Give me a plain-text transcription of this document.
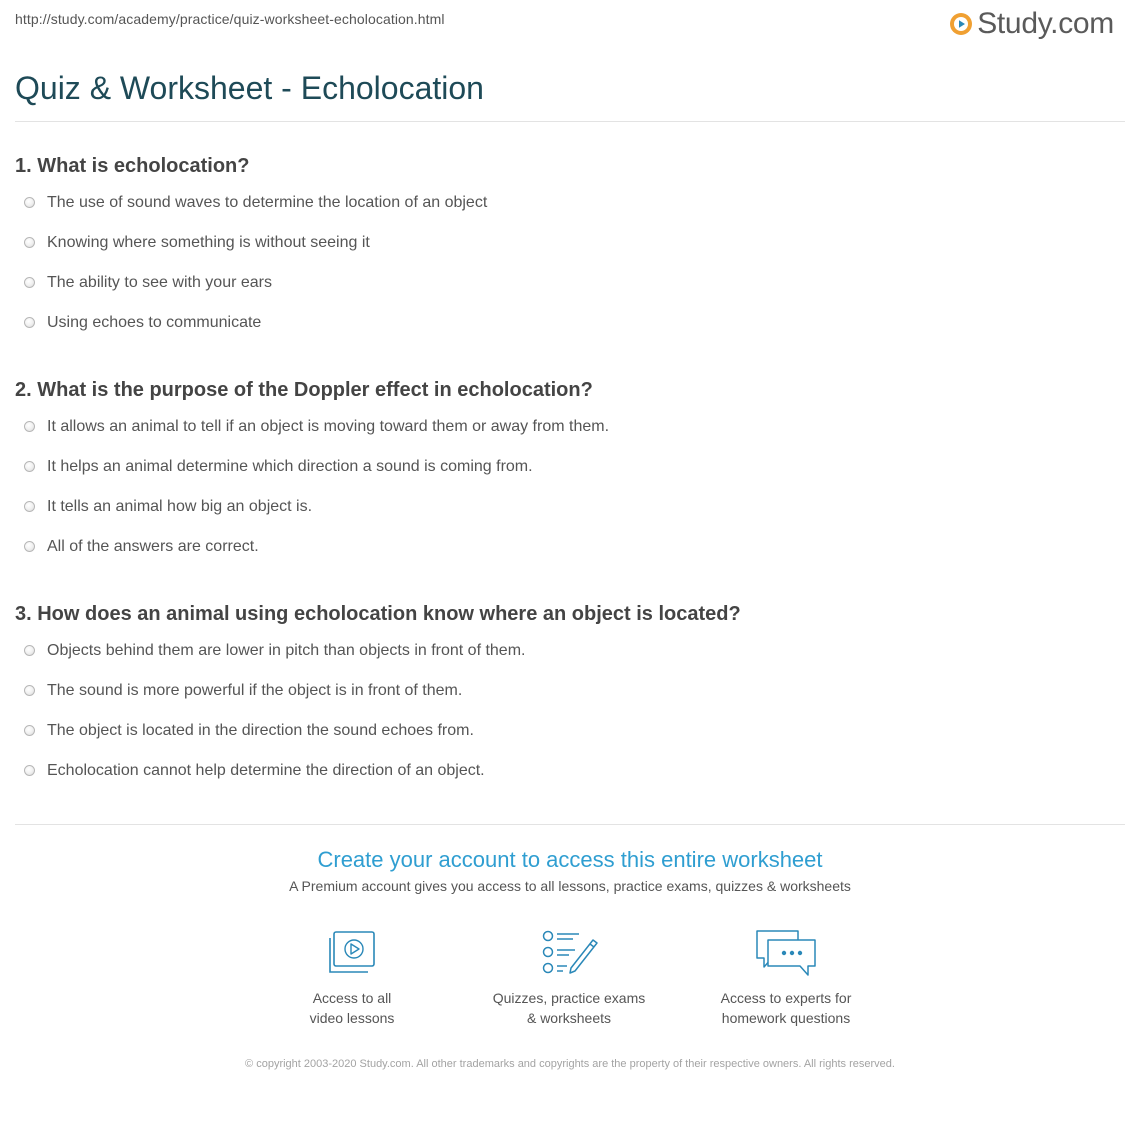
http://study.com/academy/practice/quiz-worksheet-echolocation.html	Study.com
Quiz & Worksheet - Echolocation
1. What is echolocation?
The use of sound waves to determine the location of an object
Knowing where something is without seeing it
The ability to see with your ears
Using echoes to communicate
2. What is the purpose of the Doppler effect in echolocation?
It allows an animal to tell if an object is moving toward them or away from them.
It helps an animal determine which direction a sound is coming from.
It tells an animal how big an object is.
All of the answers are correct.
3. How does an animal using echolocation know where an object is located?
Objects behind them are lower in pitch than objects in front of them.
The sound is more powerful if the object is in front of them.
The object is located in the direction the sound echoes from.
Echolocation cannot help determine the direction of an object.
Create your account to access this entire worksheet

A Premium account gives you access to all lessons, practice exams, quizzes & worksheets

Access to all
video lessons
Quizzes, practice exams
& worksheets
Access to experts for
homework questions
© copyright 2003-2020 Study.com. All other trademarks and copyrights are the property of their respective owners. All rights reserved.
